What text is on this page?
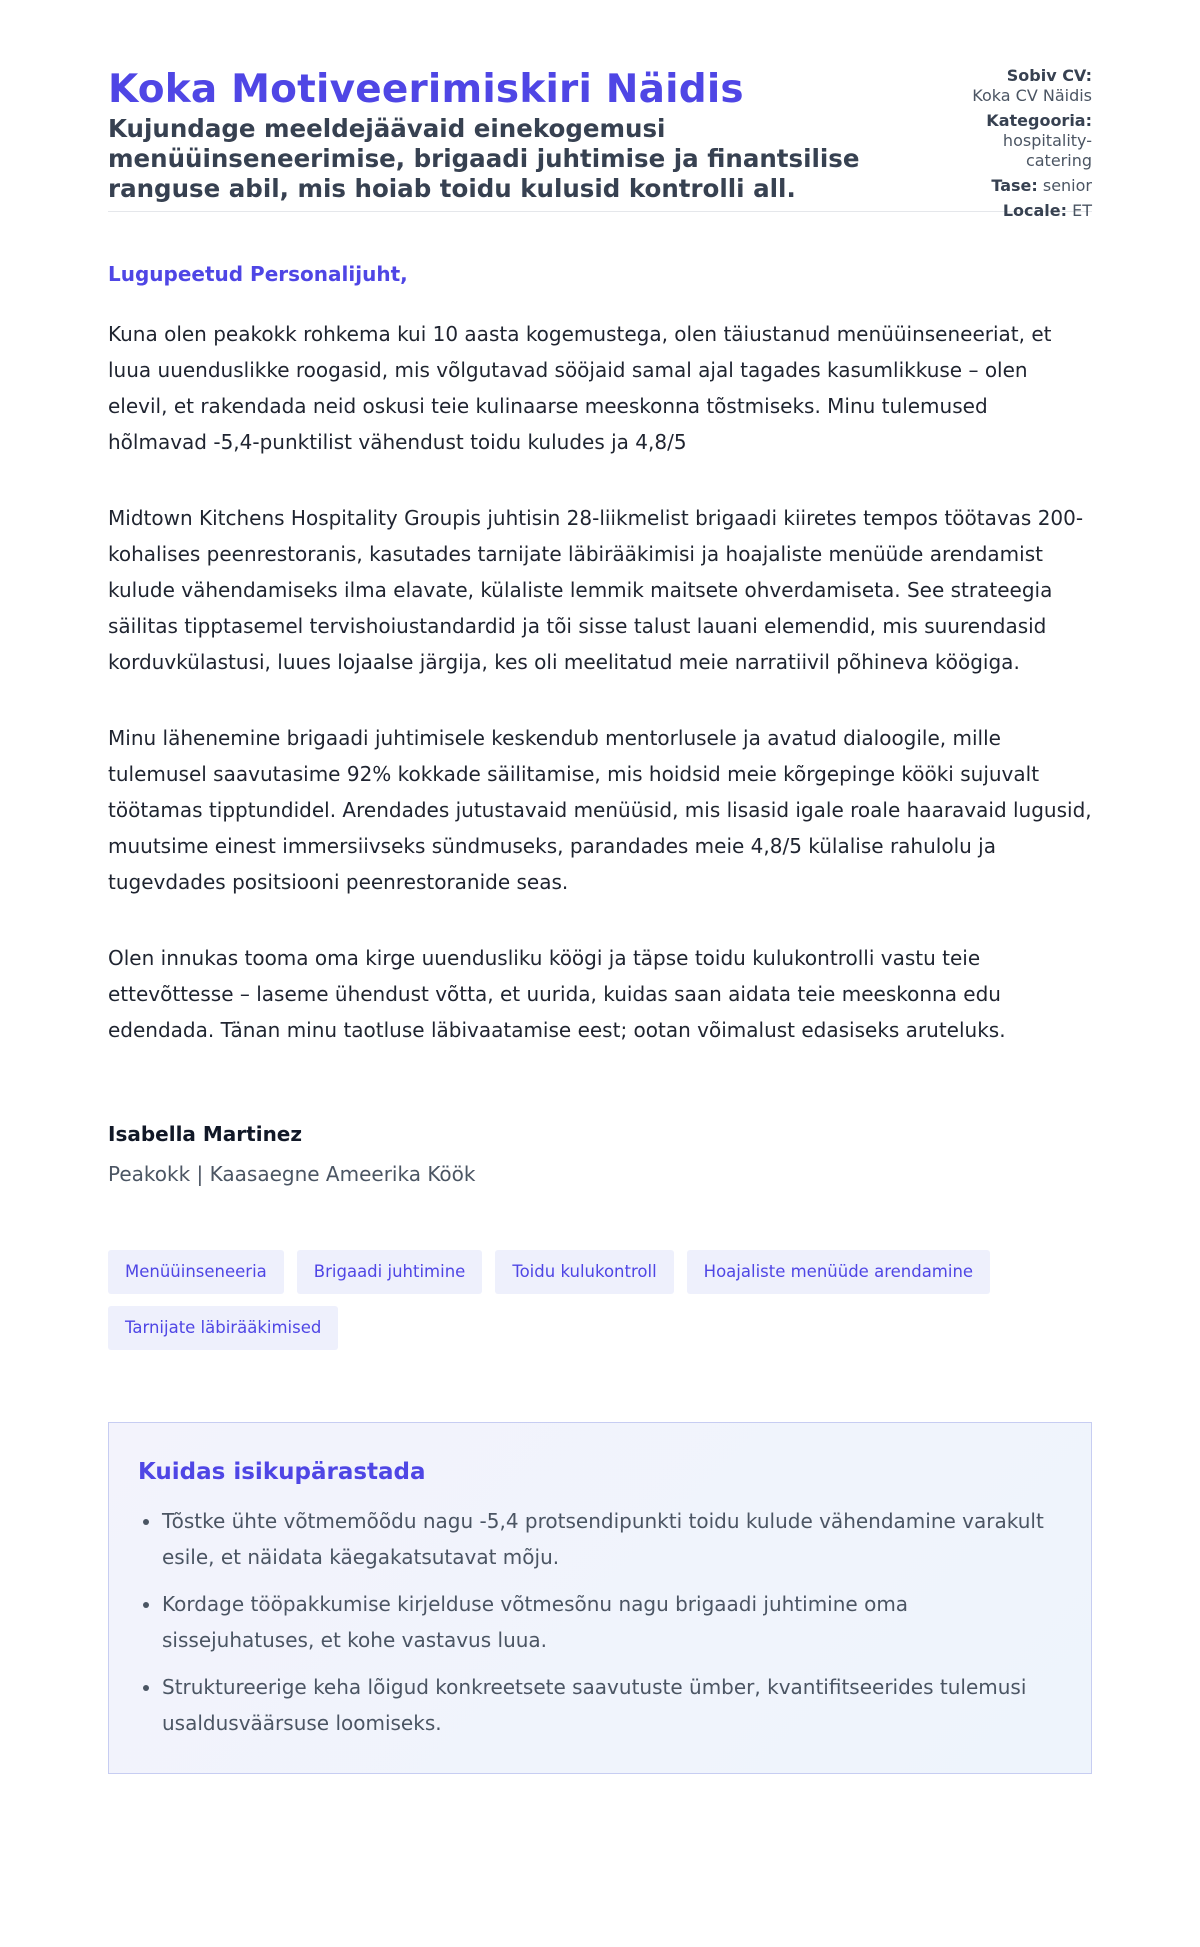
Koka Motiveerimiskiri Näidis

Kujundage meeldejäävaid einekogemusi menüüinseneerimise, brigaadi juhtimise ja finantsilise ranguse abil, mis hoiab toidu kulusid kontrolli all.

Sobiv CV:
Koka CV Näidis
Kategooria:
hospitality-catering
Tase: senior
Locale: ET

Lugupeetud Personalijuht,

Kuna olen peakokk rohkema kui 10 aasta kogemustega, olen täiustanud menüüinseneeriat, et luua uuenduslikke roogasid, mis võlgutavad sööjaid samal ajal tagades kasumlikkuse – olen elevil, et rakendada neid oskusi teie kulinaarse meeskonna tõstmiseks. Minu tulemused hõlmavad -5,4-punktilist vähendust toidu kuludes ja 4,8/5

Midtown Kitchens Hospitality Groupis juhtisin 28-liikmelist brigaadi kiiretes tempos töötavas 200-kohalises peenrestoranis, kasutades tarnijate läbirääkimisi ja hoajaliste menüüde arendamist kulude vähendamiseks ilma elavate, külaliste lemmik maitsete ohverdamiseta. See strateegia säilitas tipptasemel tervishoiustandardid ja tõi sisse talust lauani elemendid, mis suurendasid korduvkülastusi, luues lojaalse järgija, kes oli meelitatud meie narratiivil põhineva köögiga.

Minu lähenemine brigaadi juhtimisele keskendub mentorlusele ja avatud dialoogile, mille tulemusel saavutasime 92% kokkade säilitamise, mis hoidsid meie kõrgepinge kööki sujuvalt töötamas tipptundidel. Arendades jutustavaid menüüsid, mis lisasid igale roale haaravaid lugusid, muutsime einest immersiivseks sündmuseks, parandades meie 4,8/5 külalise rahulolu ja tugevdades positsiooni peenrestoranide seas.

Olen innukas tooma oma kirge uuendusliku köögi ja täpse toidu kulukontrolli vastu teie ettevõttesse – laseme ühendust võtta, et uurida, kuidas saan aidata teie meeskonna edu edendada. Tänan minu taotluse läbivaatamise eest; ootan võimalust edasiseks aruteluks.

Isabella Martinez

Peakokk | Kaasaegne Ameerika Köök

Menüüinseneeria	Brigaadi juhtimine	Toidu kulukontroll	Hoajaliste menüüde arendamine
Tarnijate läbirääkimised
Kuidas isikupärastada
• Tõstke ühte võtmemõõdu nagu -5,4 protsendipunkti toidu kulude vähendamine varakult esile, et näidata käegakatsutavat mõju.
• Kordage tööpakkumise kirjelduse võtmesõnu nagu brigaadi juhtimine oma sissejuhatuses, et kohe vastavus luua.
• Struktureerige keha lõigud konkreetsete saavutuste ümber, kvantifitseerides tulemusi usaldusväärsuse loomiseks.
